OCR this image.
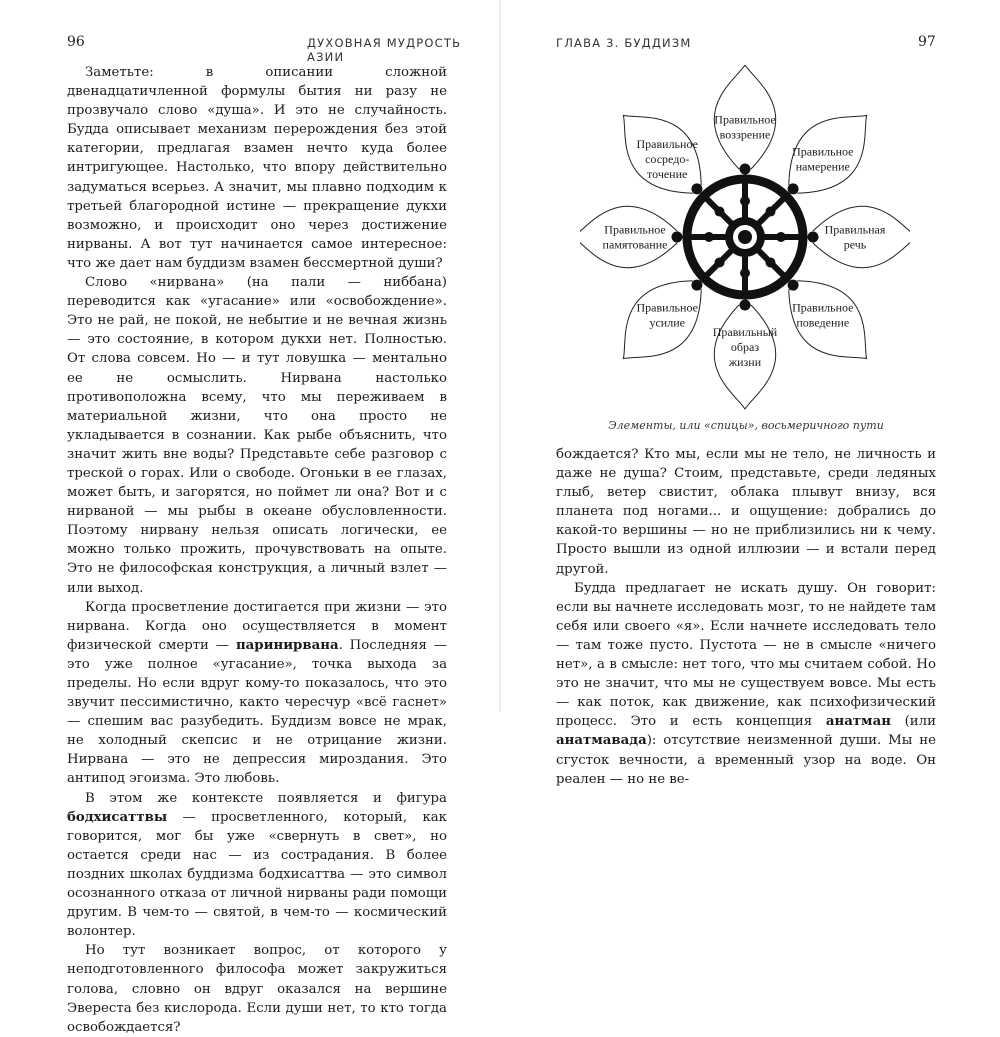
96	ДУХОВНАЯ МУДРОСТЬ АЗИИ
ГЛАВА 3. БУДДИЗМ	97

Заметьте: в описании сложной двенадцатичленной формулы бытия ни разу не прозвучало слово «душа». И это не случайность. Будда описывает механизм перерождения без этой категории, предлагая взамен нечто куда более интригующее. Настолько, что впору действительно задуматься всерьез. А значит, мы плавно подходим к третьей благородной истине — прекращение дукхи возможно, и происходит оно через достижение нирваны. А вот тут начинается самое интересное: что же дает нам буддизм взамен бессмертной души?

Слово «нирвана» (на пали — ниббана) переводится как «угасание» или «освобождение». Это не рай, не покой, не небытие и не вечная жизнь — это состояние, в котором дукхи нет. Полностью. От слова совсем. Но — и тут ловушка — ментально ее не осмыслить. Нирвана настолько противоположна всему, что мы переживаем в материальной жизни, что она просто не укладывается в сознании. Как рыбе объяснить, что значит жить вне воды? Представьте себе разговор с треской о горах. Или о свободе. Огоньки в ее глазах, может быть, и загорятся, но поймет ли она? Вот и с нирваной — мы рыбы в океане обусловленности. Поэтому нирвану нельзя описать логически, ее можно только прожить, прочувствовать на опыте. Это не философская конструкция, а личный взлет — или выход.

Когда просветление достигается при жизни — это нирвана. Когда оно осуществляется в момент физической смерти — паринирвана. Последняя — это уже полное «угасание», точка выхода за пределы. Но если вдруг кому-то показалось, что это звучит пессимистично, както чересчур «всё гаснет» — спешим вас разубедить. Буддизм вовсе не мрак, не холодный скепсис и не отрицание жизни. Нирвана — это не депрессия мироздания. Это антипод эгоизма. Это любовь.

В этом же контексте появляется и фигура бодхисаттвы — просветленного, который, как говорится, мог бы уже «свернуть в свет», но остается среди нас — из сострадания. В более поздних школах буддизма бодхисаттва — это символ осознанного отказа от личной нирваны ради помощи другим. В чем-то — святой, в чем-то — космический волонтер.

Но тут возникает вопрос, от которого у неподготовленного философа может закружиться голова, словно он вдруг оказался на вершине Эвереста без кислорода. Если души нет, то кто тогда освобождается?

Правильное воззрение
Правильное намерение
Правильная речь
Правильное поведение
Правильный образ жизни
Правильное усилие
Правильное памятование
Правильное сосредо-точение
Элементы, или «спицы», восьмеричного пути

бождается? Кто мы, если мы не тело, не личность и даже не душа? Стоим, представьте, среди ледяных глыб, ветер свистит, облака плывут внизу, вся планета под ногами... и ощущение: добрались до какой-то вершины — но не приблизились ни к чему. Просто вышли из одной иллюзии — и встали перед другой.

Будда предлагает не искать душу. Он говорит: если вы начнете исследовать мозг, то не найдете там себя или своего «я». Если начнете исследовать тело — там тоже пусто. Пустота — не в смысле «ничего нет», а в смысле: нет того, что мы считаем собой. Но это не значит, что мы не существуем вовсе. Мы есть — как поток, как движение, как психофизический процесс. Это и есть концепция анатман (или анатмавада): отсутствие неизменной души. Мы не сгусток вечности, а временный узор на воде. Он реален — но не ве-
